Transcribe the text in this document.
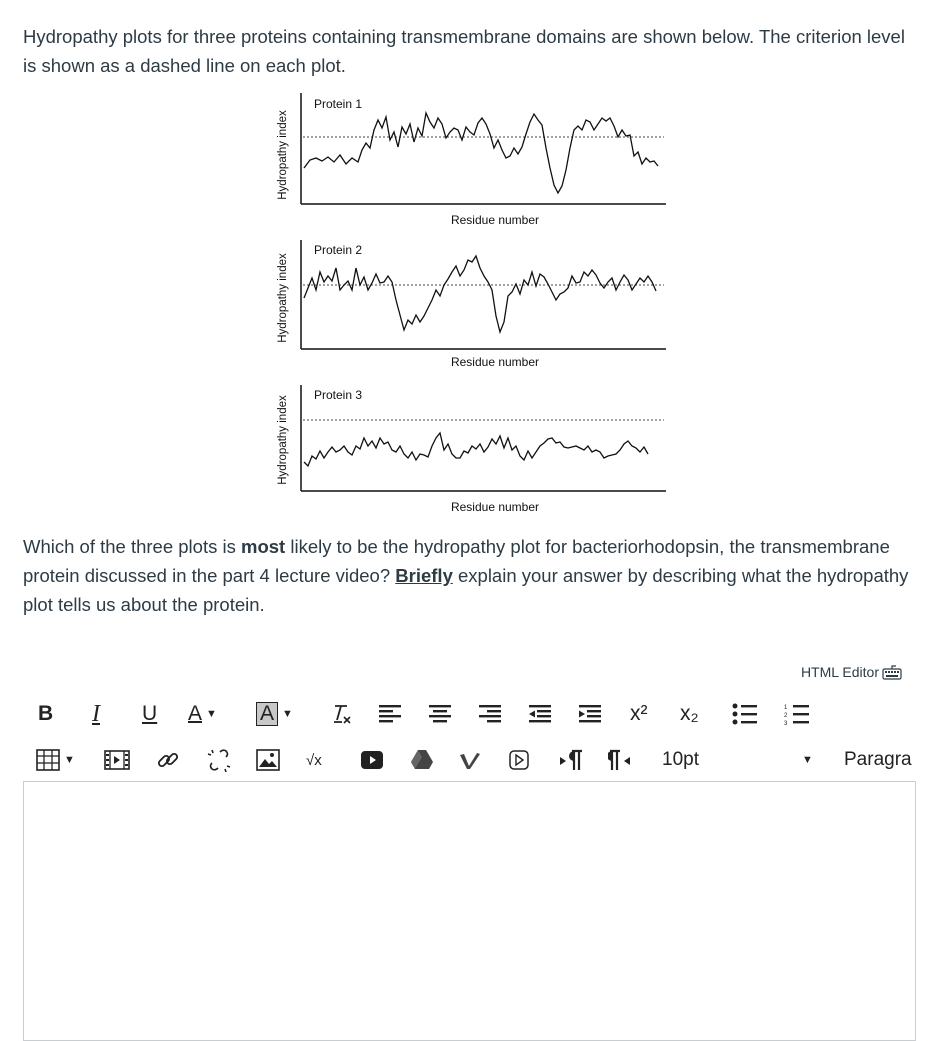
Hydropathy plots for three proteins containing transmembrane domains are shown below. The criterion level is shown as a dashed line on each plot.
Protein 1
Residue number
Hydropathy index
Protein 2
Residue number
Hydropathy index
Protein 3
Residue number
Hydropathy index
Which of the three plots is most likely to be the hydropathy plot for bacteriorhodopsin, the transmembrane protein discussed in the part 4 lecture video? Briefly explain your answer by describing what the hydropathy plot tells us about the protein.
HTML Editor
B I U A ▼ A ▼	x² x₂	1
2
3
▼	√x	10pt	▼ Paragra
